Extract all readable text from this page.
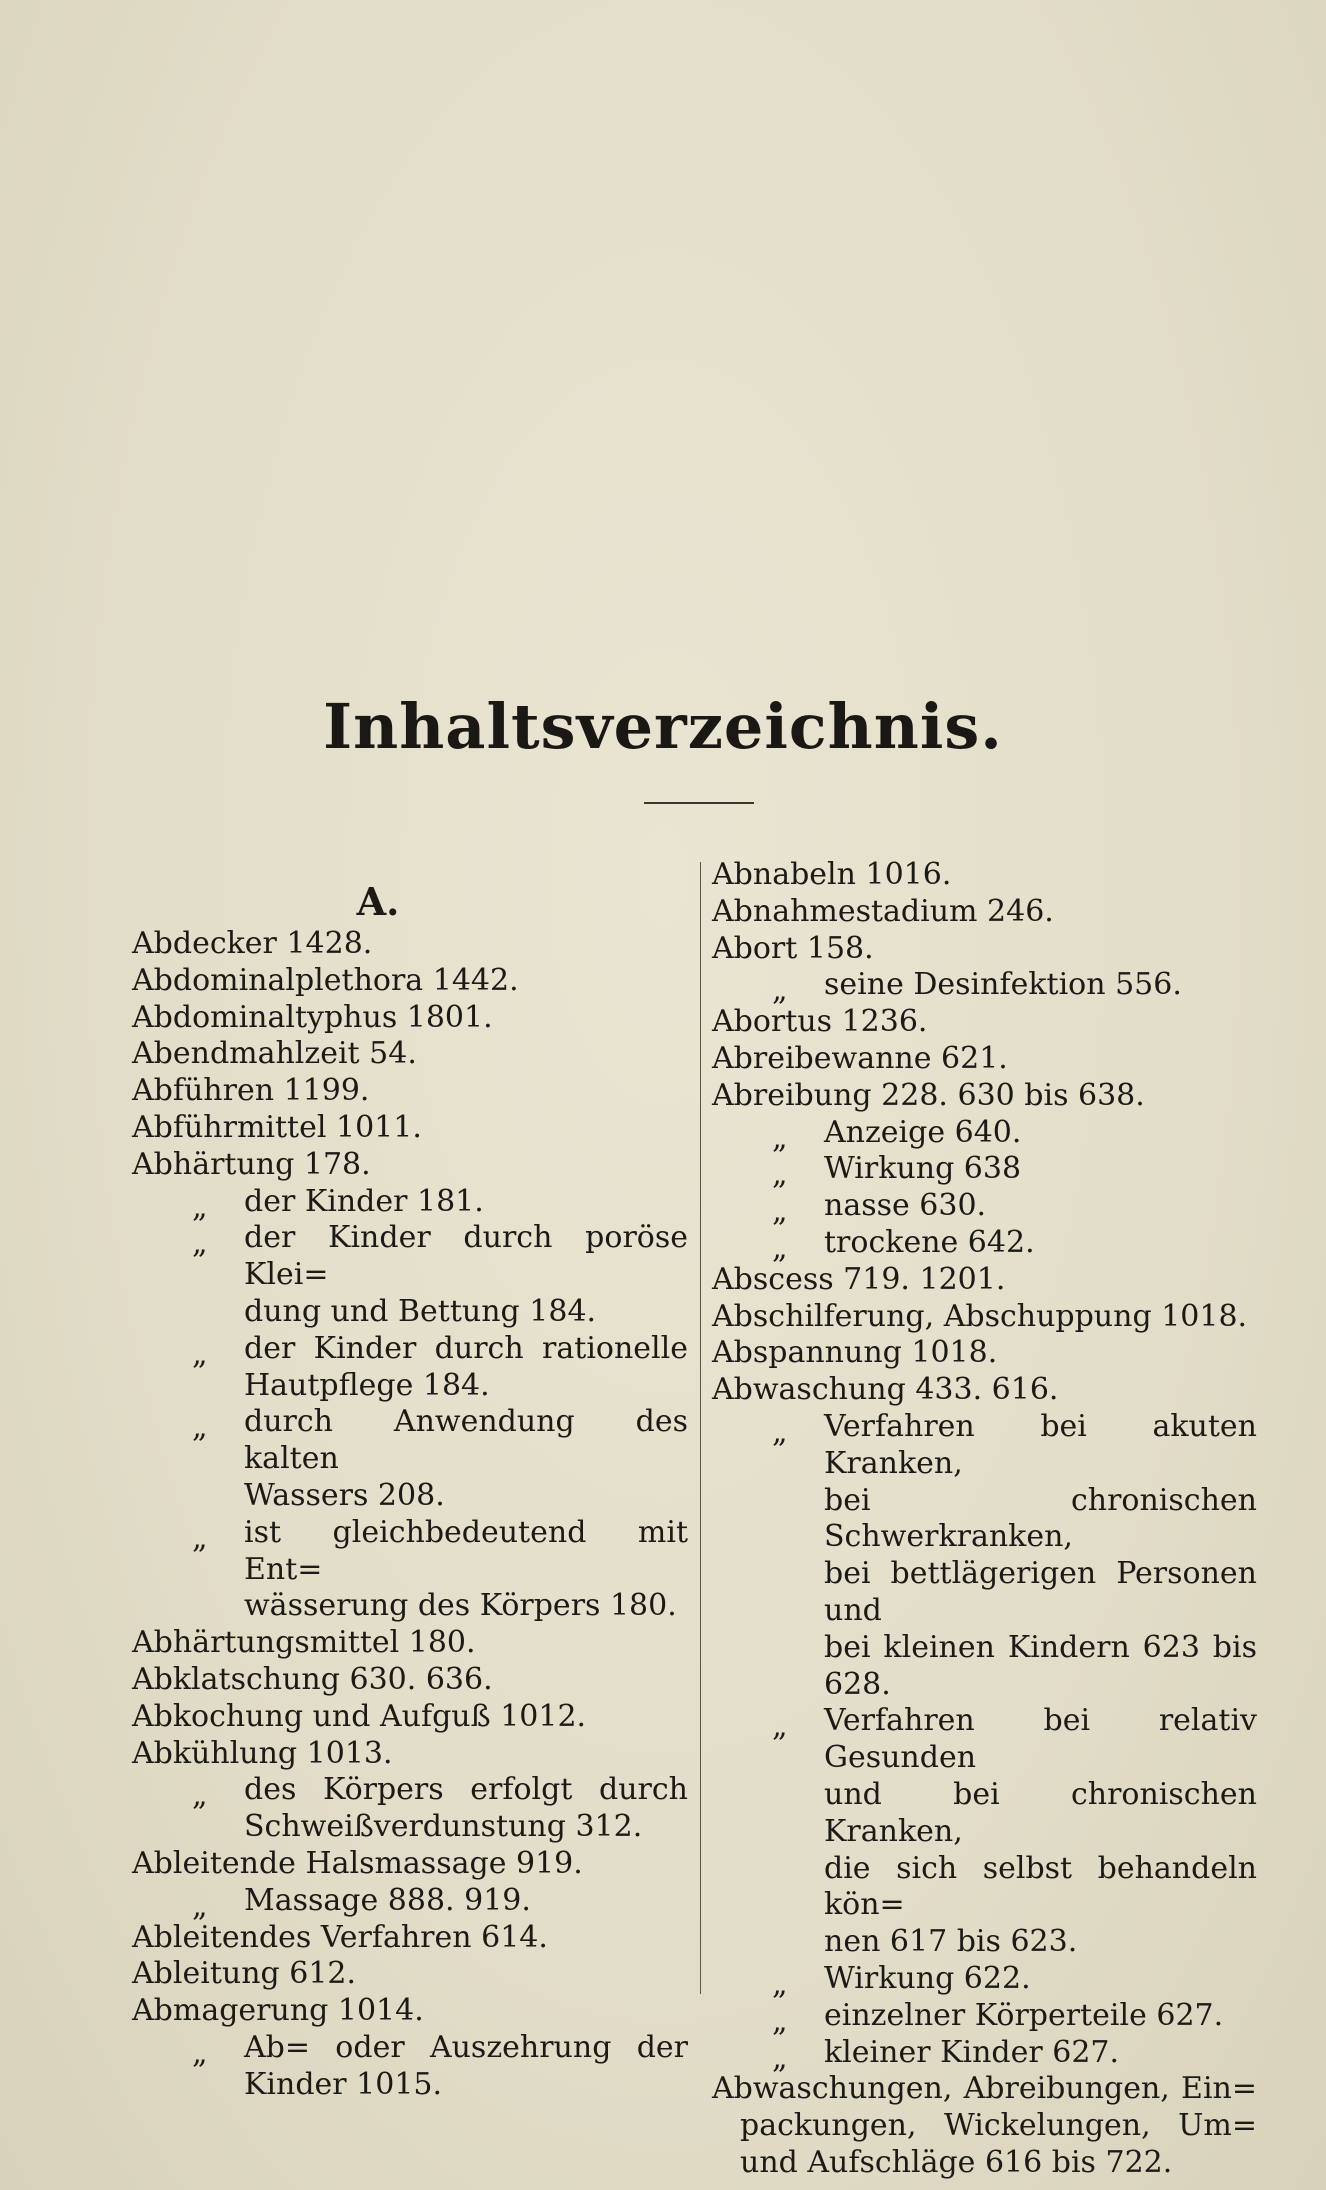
Inhaltsverzeichnis.
A.
Abdecker 1428.
Abdominalplethora 1442.
Abdominaltyphus 1801.
Abendmahlzeit 54.
Abführen 1199.
Abführmittel 1011.
Abhärtung 178.
„ der Kinder 181.
„ der Kinder durch poröse Klei=
dung und Bettung 184.
„ der Kinder durch rationelle
Hautpflege 184.
„ durch Anwendung des kalten
Wassers 208.
„ ist gleichbedeutend mit Ent=
wässerung des Körpers 180.
Abhärtungsmittel 180.
Abklatschung 630. 636.
Abkochung und Aufguß 1012.
Abkühlung 1013.
„ des Körpers erfolgt durch
Schweißverdunstung 312.
Ableitende Halsmassage 919.
„ Massage 888. 919.
Ableitendes Verfahren 614.
Ableitung 612.
Abmagerung 1014.
„ Ab= oder Auszehrung der
Kinder 1015.
Abnabeln 1016.
Abnahmestadium 246.
Abort 158.
„ seine Desinfektion 556.
Abortus 1236.
Abreibewanne 621.
Abreibung 228. 630 bis 638.
„ Anzeige 640.
„ Wirkung 638
„ nasse 630.
„ trockene 642.
Abscess 719. 1201.
Abschilferung, Abschuppung 1018.
Abspannung 1018.
Abwaschung 433. 616.
„ Verfahren bei akuten Kranken,
bei chronischen Schwerkranken,
bei bettlägerigen Personen und
bei kleinen Kindern 623 bis
628.
„ Verfahren bei relativ Gesunden
und bei chronischen Kranken,
die sich selbst behandeln kön=
nen 617 bis 623.
„ Wirkung 622.
„ einzelner Körperteile 627.
„ kleiner Kinder 627.
Abwaschungen, Abreibungen, Ein=
packungen, Wickelungen, Um=
und Aufschläge 616 bis 722.
